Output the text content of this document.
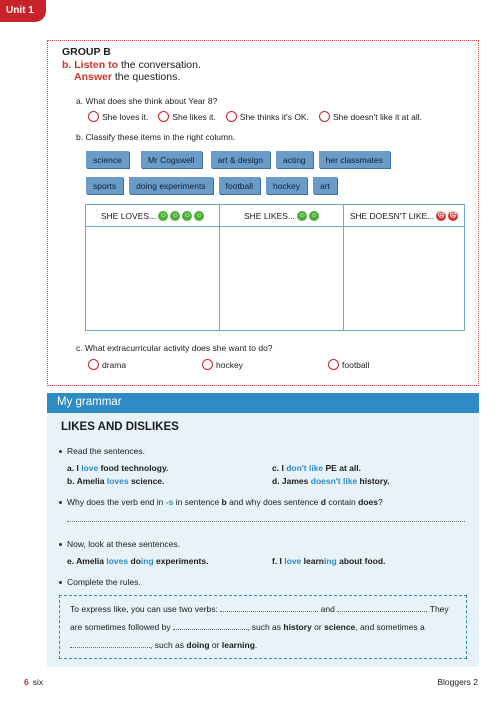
Unit 1
GROUP B
b. Listen to the conversation.
Answer the questions.
a. What does she think about Year 8?
She loves it.	She likes it.	She thinks it's OK.	She doesn't like it at all.
b. Classify these items in the right column.
science	Mr Cogswell	art & design	acting	her classmates
sports	doing experiments	football	hockey	art
SHE LOVES... ☺ ☺ ☺ ☺	SHE LIKES... ☺ ☺	SHE DOESN'T LIKE... ☹ ☹
c. What extracurricular activity does she want to do?
drama	hockey	football
My grammar
LIKES AND DISLIKES
Read the sentences.
a. I love food technology.
b. Amelia loves science.
c. I don't like PE at all.
d. James doesn't like history.
Why does the verb end in -s in sentence b and why does sentence d contain does?
Now, look at these sentences.
e. Amelia loves doing experiments.	f. I love learning about food.
Complete the rules.
To express like, you can use two verbs:	and	. They
are sometimes followed by	, such as history or science, and sometimes a
, such as doing or learning.
6 six	Bloggers 2
